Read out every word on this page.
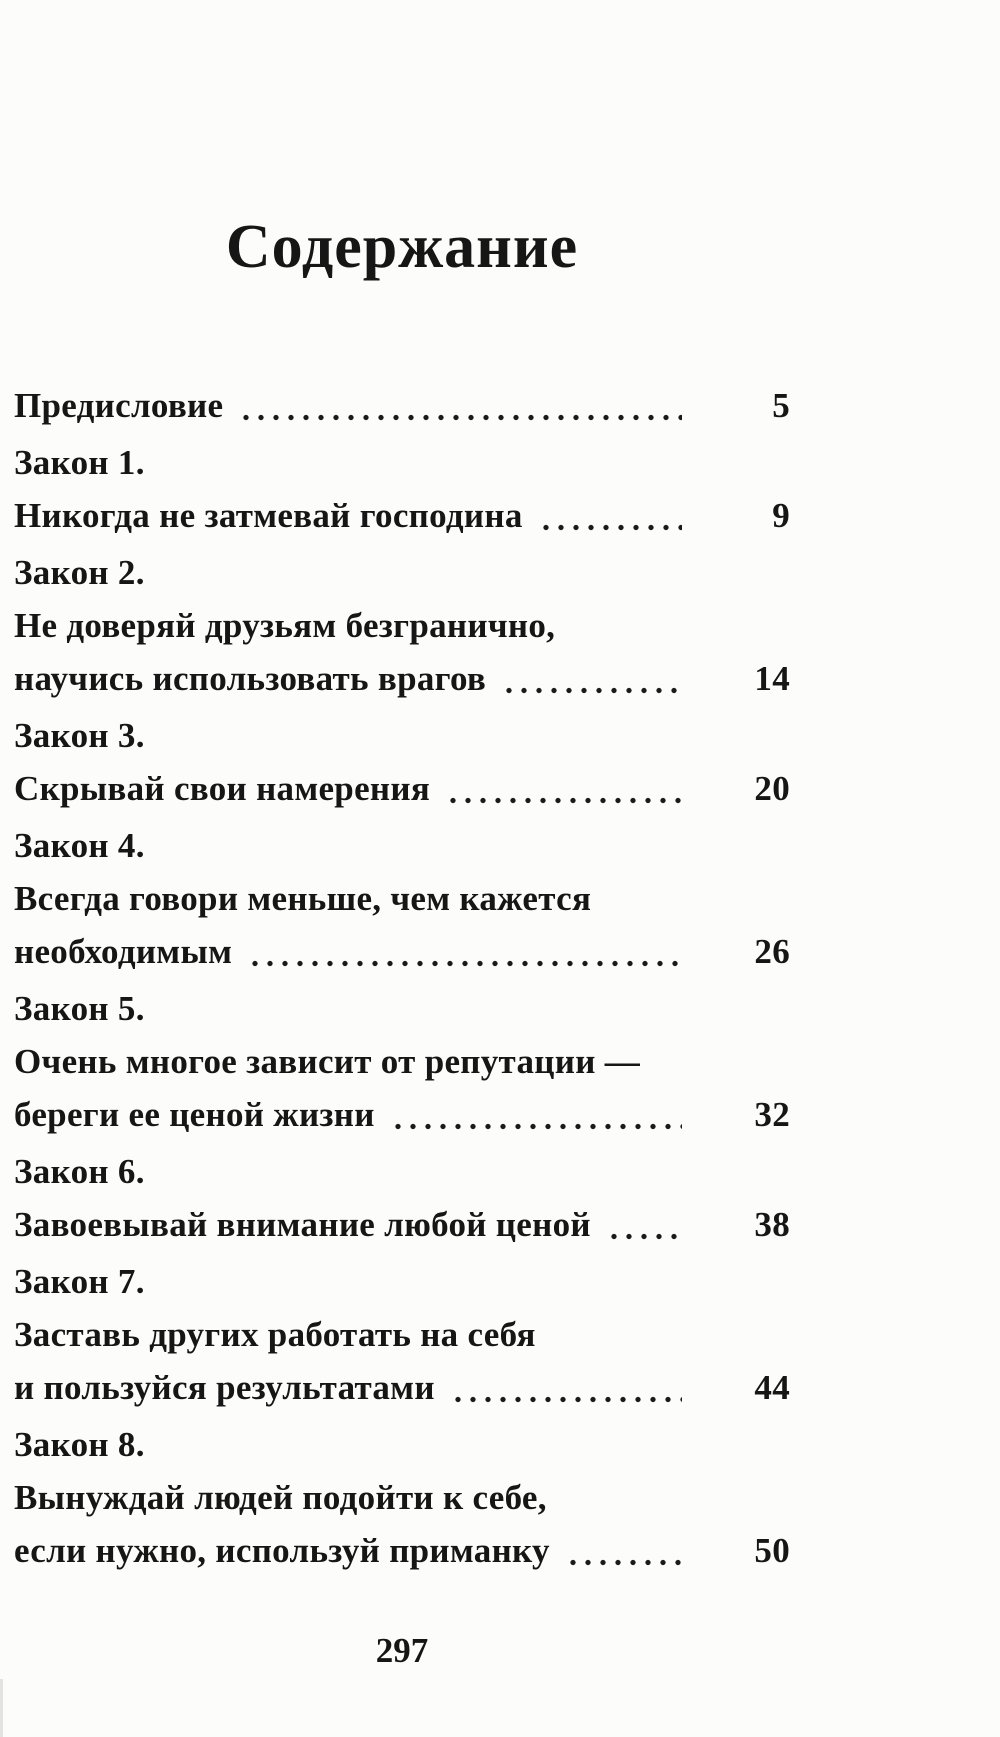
Содержание
Предисловие	5
Закон 1.
Никогда не затмевай господина	9
Закон 2.
Не доверяй друзьям безгранично,
научись использовать врагов	14
Закон 3.
Скрывай свои намерения	20
Закон 4.
Всегда говори меньше, чем кажется
необходимым	26
Закон 5.
Очень многое зависит от репутации —
береги ее ценой жизни	32
Закон 6.
Завоевывай внимание любой ценой	38
Закон 7.
Заставь других работать на себя
и пользуйся результатами	44
Закон 8.
Вынуждай людей подойти к себе,
если нужно, используй приманку	50
297
